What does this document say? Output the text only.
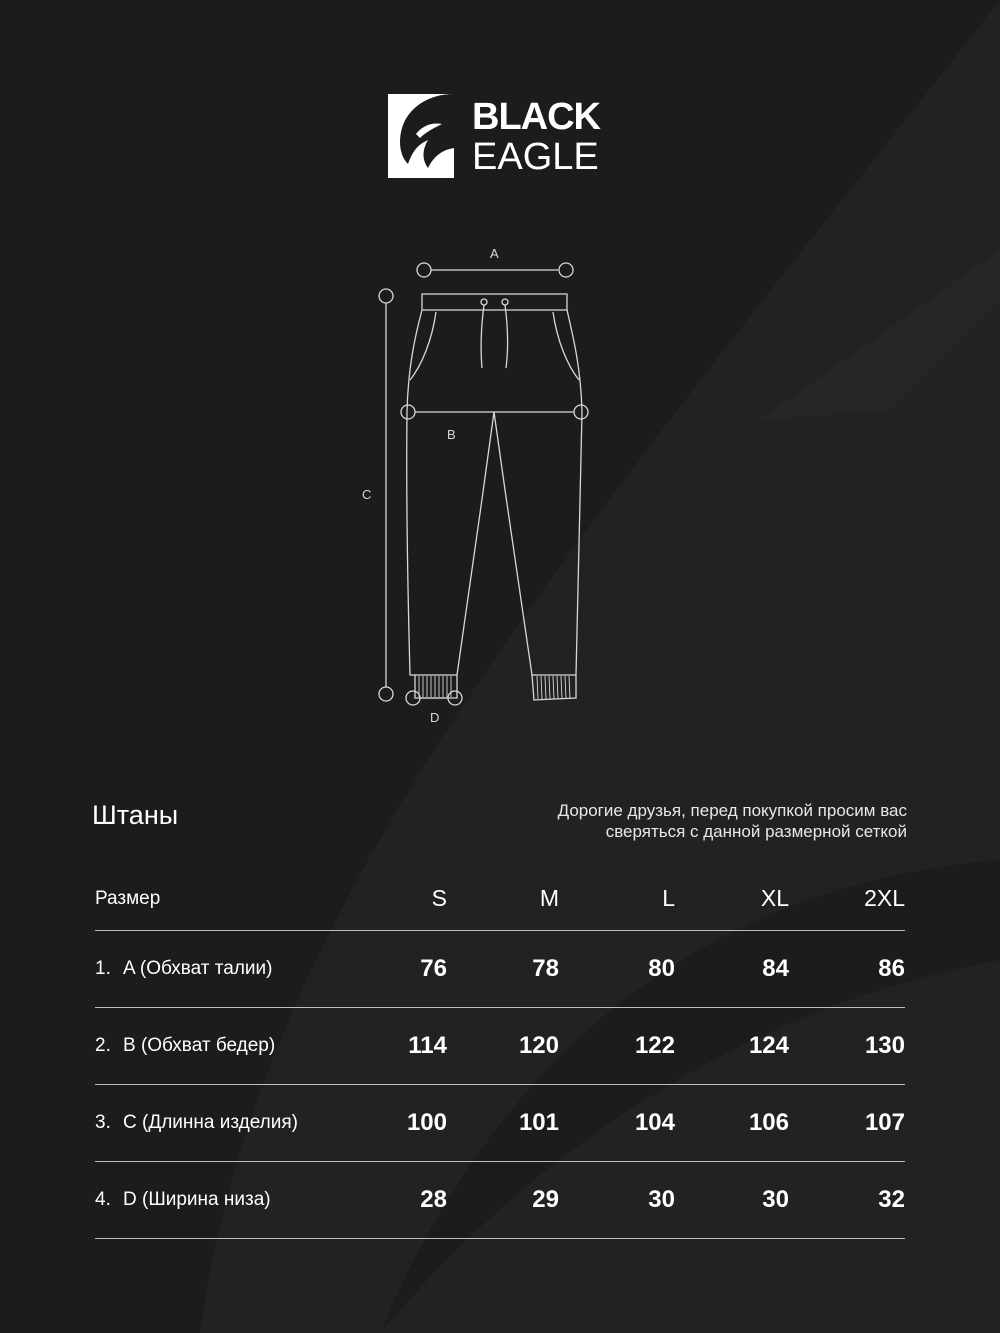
BLACK
EAGLE
A
B
C
D
Штаны	Дорогие друзья, перед покупкой просим вас
сверяться с данной размерной сеткой
Размер	S	M	L	XL	2XL
1. A (Обхват талии)	76	78	80	84	86
2. B (Обхват бедер)	114	120	122	124	130
3. C (Длинна изделия)	100	101	104	106	107
4. D (Ширина низа)	28	29	30	30	32
